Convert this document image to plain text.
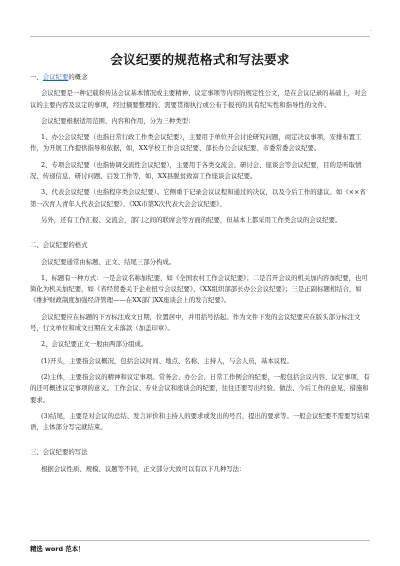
-
会议纪要的规范格式和写法要求
一、会议纪要的概念

会议纪要是一种记载和传达会议基本情况或主要精神、议定事项等内容的规定性公文，是在会议记录的基础上，对会议的主要内容及议定的事项，经过摘要整理的、需要贯彻执行或公布于报刊的具有纪实性和指导性的文件。

会议纪要根据适用范围、内容和作用，分为三种类型：

1、办公会议纪要（也指日常行政工作类会议纪要），主要用于单位开会讨论研究问题，商定决议事项，安排布置工作，为开展工作提供指导和依据，如，XX学校工作会议纪要、部长办公会议纪要、市委常委会议纪要。

2、专项会议纪要（也指协调交流性会议纪要），主要用于各类交流会、研讨会、座谈会等会议纪要，目的是听取情况、传递信息、研讨问题、启发工作等，如，XX县脱贫致富工作座谈会议纪要。

3、代表会议纪要（也指程序类会议纪要）。它侧重于记录会议议程和通过的决议，以及今后工作的建议。如《××省第一次育人青年人代表会议纪要》、《XX市第X次代表大会会议纪要》。

另外，还有工作汇报、交流会，部门之间的联席会等方面的纪要，但基本上都采用工作类会议的会议纪要。

二、会议纪要的格式

会议纪要通常由标题、正文、结尾三部分构成。

1、标题有一种方式：一是会议名称加纪要，如《全国农村工作会议纪要》；二是召开会议的机关加内容加纪要，也可简化为机关加纪要，如《省经贸委关于企业扭亏会议纪要》、《XX组织部部长办公会议纪要》；三是正副标题相结合，如《维护财政制度加强经济管理——在XX部门XX座谈会上的发言纪要》。

会议纪要应在标题的下方标注成文日期，位置居中，并用括号括起。作为文件下发的会议纪要应在版头部分标注文号，行文单位和成文日期在文末落款（加盖印章）。

2、会议纪要正文一般由两部分组成。

(1)开头，主要指会议概况，包括会议时间、地点、名称、主持人，与会人员，基本议程。

(2)主体，主要指会议的精神和议定事项。常务会、办公会、日常工作例会的纪要，一般包括会议内容、议定事项，有的还可概述议定事项的意义。工作会议、专业会议和座谈会的纪要，往往还要写出经验、做法、今后工作的意见、措施和要求。

(3)结尾，主要是对会议的总结、发言评价和主持人的要求或发出的号召、提出的要求等。一般会议纪要不需要写结束语，主体部分写完就结束。

三、会议纪要的写法

根据会议性质、规模、议题等不同，正文部分大致可以有以下几种写法：

精选 word 范本！
